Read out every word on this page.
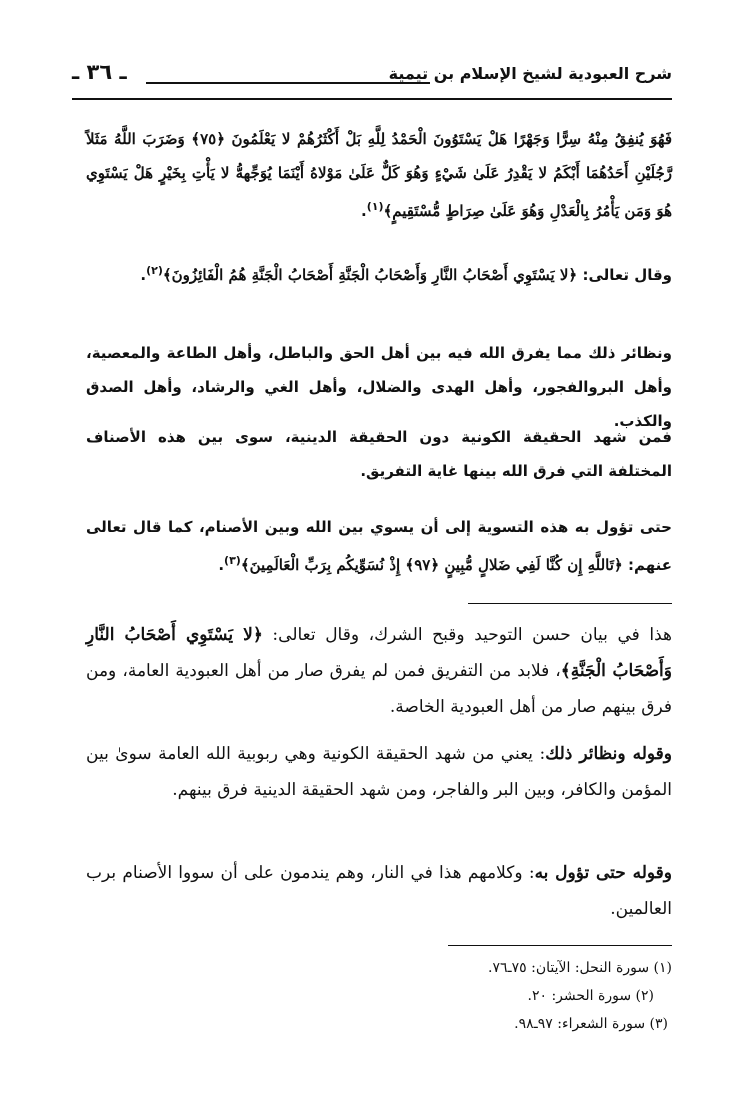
شرح العبودية لشيخ الإسلام بن تيمية
ـ ٣٦ ـ
فَهُوَ يُنفِقُ مِنْهُ سِرًّا وَجَهْرًا هَلْ يَسْتَوُونَ الْحَمْدُ لِلَّهِ بَلْ أَكْثَرُهُمْ لا يَعْلَمُونَ ﴿٧٥﴾ وَضَرَبَ اللَّهُ مَثَلاً رَّجُلَيْنِ أَحَدُهُمَا أَبْكَمُ لا يَقْدِرُ عَلَىٰ شَيْءٍ وَهُوَ كَلٌّ عَلَىٰ مَوْلاهُ أَيْنَمَا يُوَجِّههُّ لا يَأْتِ بِخَيْرٍ هَلْ يَسْتَوِي هُوَ وَمَن يَأْمُرُ بِالْعَدْلِ وَهُوَ عَلَىٰ صِرَاطٍ مُّسْتَقِيمٍ﴾$^{(١)}$.
وقال تعالى: ﴿لا يَسْتَوِي أَصْحَابُ النَّارِ وَأَصْحَابُ الْجَنَّةِ أَصْحَابُ الْجَنَّةِ هُمُ الْفَائِزُونَ﴾$^{(٢)}$.
ونظائر ذلك مما يفرق الله فيه بين أهل الحق والباطل، وأهل الطاعة والمعصية، وأهل البروالفجور، وأهل الهدى والضلال، وأهل الغي والرشاد، وأهل الصدق والكذب.
فمن شهد الحقيقة الكونية دون الحقيقة الدينية، سوى بين هذه الأصناف المختلفة التي فرق الله بينها غاية التفريق.
حتى تؤول به هذه التسوية إلى أن يسوي بين الله وبين الأصنام، كما قال تعالى عنهم: ﴿تَاللَّهِ إِن كُنَّا لَفِي ضَلالٍ مُّبِينٍ ﴿٩٧﴾ إِذْ نُسَوِّيكُم بِرَبِّ الْعَالَمِينَ﴾$^{(٣)}$.
هذا في بيان حسن التوحيد وقبح الشرك، وقال تعالى: ﴿لا يَسْتَوِي أَصْحَابُ النَّارِ وَأَصْحَابُ الْجَنَّةِ﴾، فلابد من التفريق فمن لم يفرق صار من أهل العبودية العامة، ومن فرق بينهم صار من أهل العبودية الخاصة.
وقوله ونظائر ذلك: يعني من شهد الحقيقة الكونية وهي ربوبية الله العامة سوىٰ بين المؤمن والكافر، وبين البر والفاجر، ومن شهد الحقيقة الدينية فرق بينهم.
وقوله حتى تؤول به: وكلامهم هذا في النار، وهم يندمون على أن سووا الأصنام برب العالمين.
(١) سورة النحل: الآيتان: ٧٥ـ٧٦.
(٢) سورة الحشر: ٢٠.
(٣) سورة الشعراء: ٩٧ـ٩٨.
